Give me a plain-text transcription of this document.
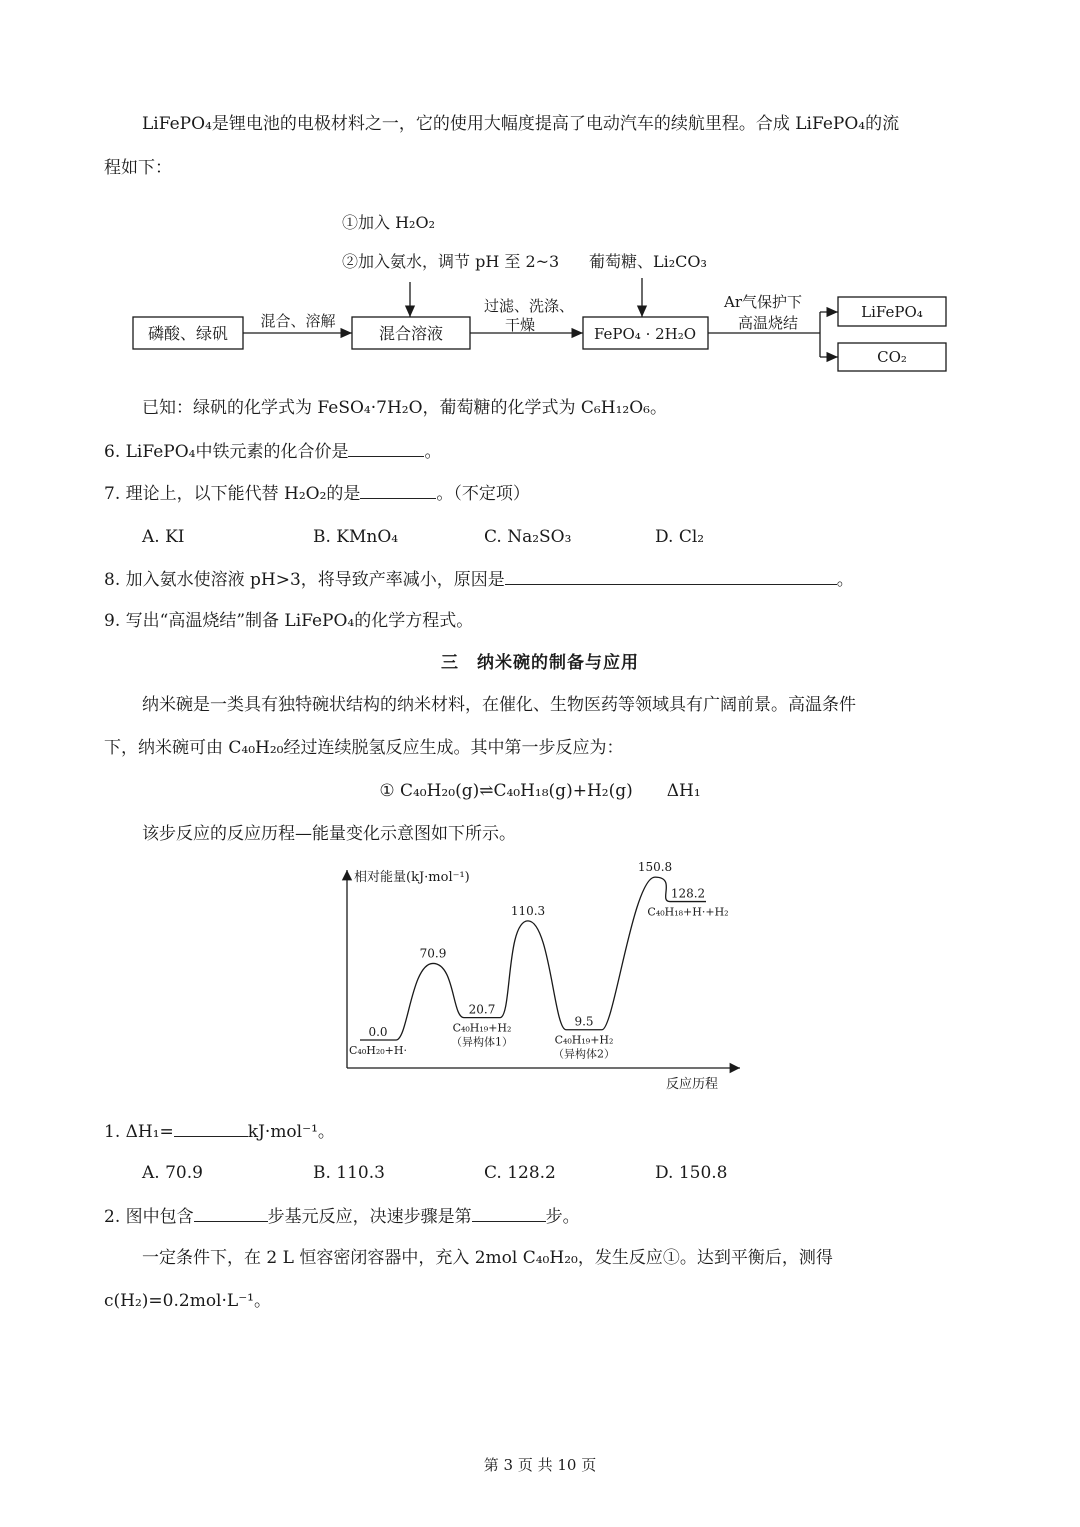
LiFePO₄是锂电池的电极材料之一，它的使用大幅度提高了电动汽车的续航里程。合成 LiFePO₄的流
程如下：
①加入 H₂O₂
②加入氨水，调节 pH 至 2~3 葡萄糖、Li₂CO₃
磷酸、绿矾
混合、溶解
混合溶液
过滤、洗涤、
干燥	FePO₄ · 2H₂O
Ar气保护下
高温烧结
LiFePO₄
CO₂
已知：绿矾的化学式为 FeSO₄·7H₂O，葡萄糖的化学式为 C₆H₁₂O₆。
6. LiFePO₄中铁元素的化合价是	。
7. 理论上，以下能代替 H₂O₂的是	。（不定项）
A. KI	B. KMnO₄	C. Na₂SO₃	D. Cl₂
8. 加入氨水使溶液 pH>3，将导致产率减小，原因是	。
9. 写出“高温烧结”制备 LiFePO₄的化学方程式。
三　纳米碗的制备与应用
纳米碗是一类具有独特碗状结构的纳米材料，在催化、生物医药等领域具有广阔前景。高温条件
下，纳米碗可由 C₄₀H₂₀经过连续脱氢反应生成。其中第一步反应为：
① C₄₀H₂₀(g)⇌C₄₀H₁₈(g)+H₂(g)　　ΔH₁
该步反应的反应历程—能量变化示意图如下所示。
相对能量(kJ·mol⁻¹)
反应历程
0.0
C₄₀H₂₀+H·
20.7
C₄₀H₁₉+H₂
（异构体1）
9.5
C₄₀H₁₉+H₂
（异构体2）
128.2
C₄₀H₁₈+H·+H₂
70.9
110.3
150.8
1. ΔH₁=	kJ·mol⁻¹。
A. 70.9	B. 110.3	C. 128.2	D. 150.8
2. 图中包含	步基元反应，决速步骤是第	步。
一定条件下，在 2 L 恒容密闭容器中，充入 2mol C₄₀H₂₀，发生反应①。达到平衡后，测得
c(H₂)=0.2mol·L⁻¹。
第 3 页 共 10 页
